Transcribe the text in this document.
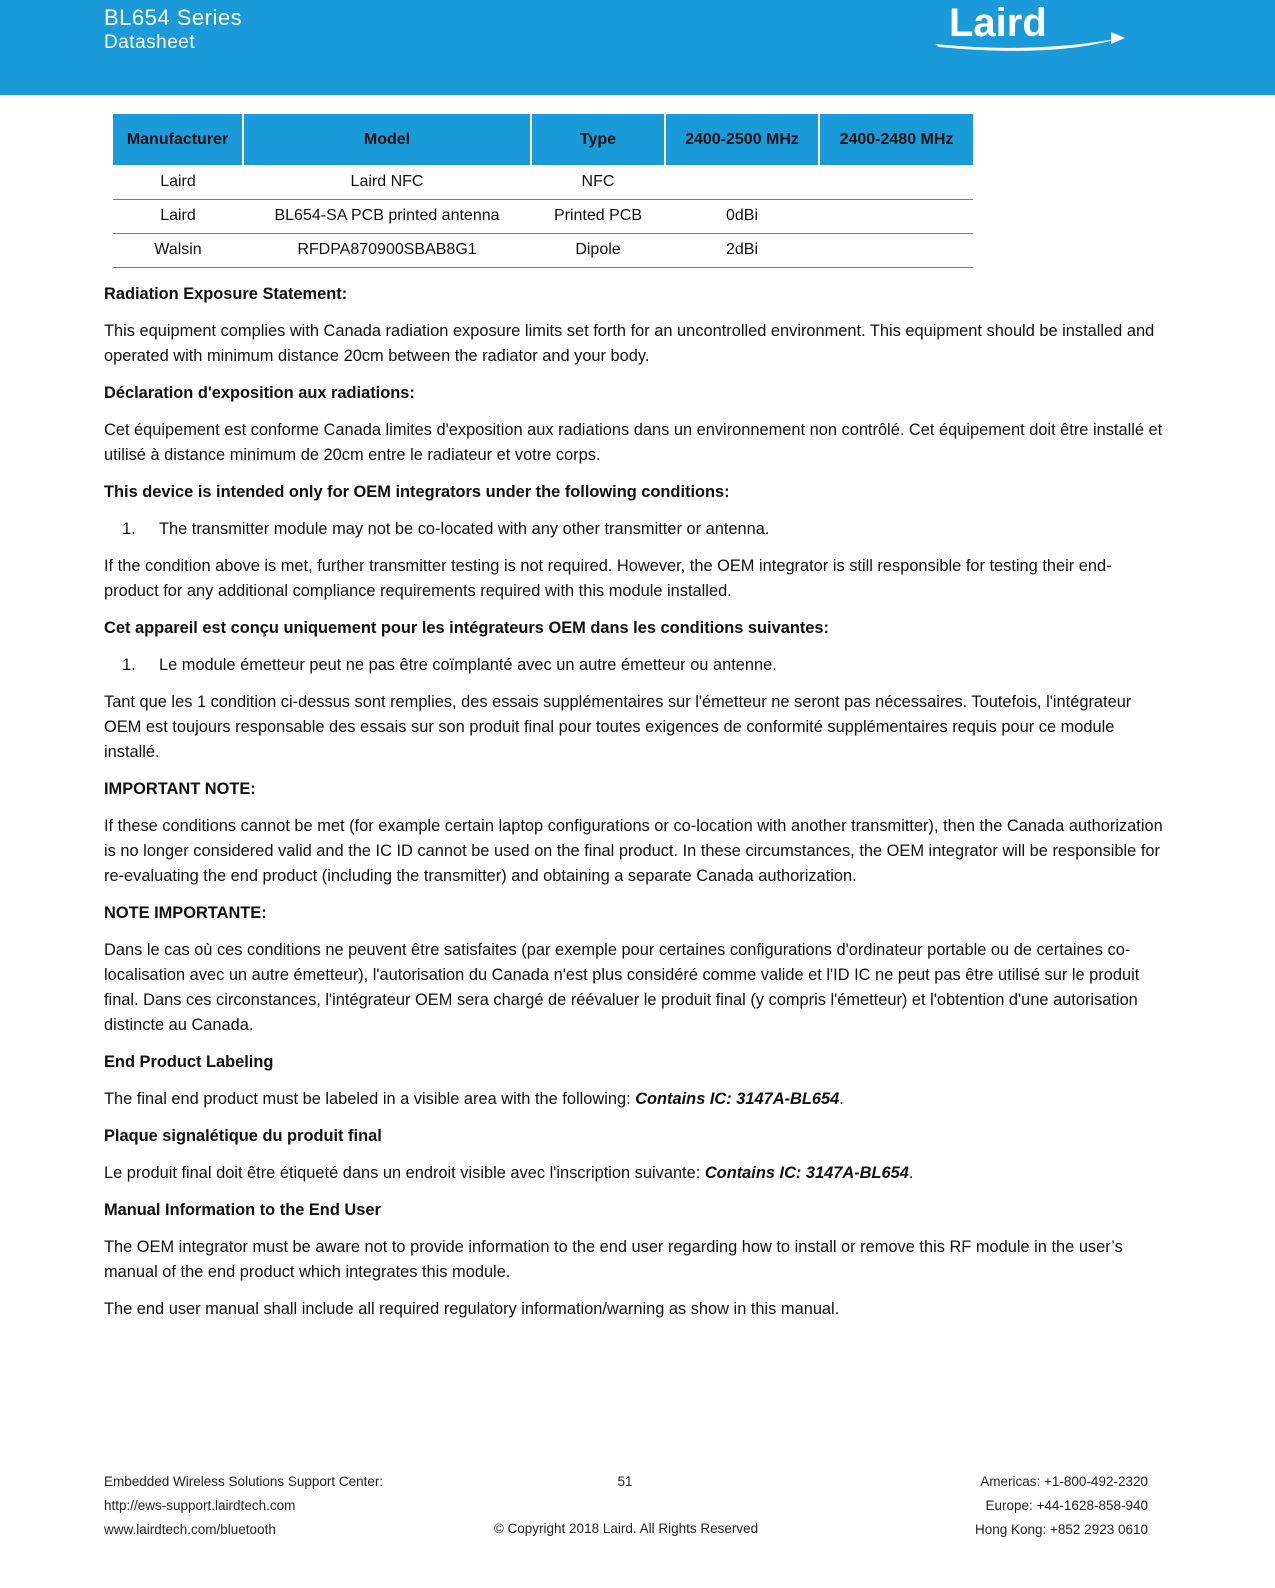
BL654 Series
Datasheet	Laird
Manufacturer	Model	Type	2400-2500 MHz	2400-2480 MHz
Laird	Laird NFC	NFC		
Laird	BL654-SA PCB printed antenna	Printed PCB	0dBi	
Walsin	RFDPA870900SBAB8G1	Dipole	2dBi	

Radiation Exposure Statement:

This equipment complies with Canada radiation exposure limits set forth for an uncontrolled environment. This equipment should be installed and operated with minimum distance 20cm between the radiator and your body.

Déclaration d'exposition aux radiations:

Cet équipement est conforme Canada limites d'exposition aux radiations dans un environnement non contrôlé. Cet équipement doit être installé et utilisé à distance minimum de 20cm entre le radiateur et votre corps.

This device is intended only for OEM integrators under the following conditions:

1. The transmitter module may not be co-located with any other transmitter or antenna.

If the condition above is met, further transmitter testing is not required. However, the OEM integrator is still responsible for testing their end-product for any additional compliance requirements required with this module installed.

Cet appareil est conçu uniquement pour les intégrateurs OEM dans les conditions suivantes:

1. Le module émetteur peut ne pas être coïmplanté avec un autre émetteur ou antenne.

Tant que les 1 condition ci-dessus sont remplies, des essais supplémentaires sur l'émetteur ne seront pas nécessaires. Toutefois, l'intégrateur OEM est toujours responsable des essais sur son produit final pour toutes exigences de conformité supplémentaires requis pour ce module installé.

IMPORTANT NOTE:

If these conditions cannot be met (for example certain laptop configurations or co-location with another transmitter), then the Canada authorization is no longer considered valid and the IC ID cannot be used on the final product. In these circumstances, the OEM integrator will be responsible for re-evaluating the end product (including the transmitter) and obtaining a separate Canada authorization.

NOTE IMPORTANTE:

Dans le cas où ces conditions ne peuvent être satisfaites (par exemple pour certaines configurations d'ordinateur portable ou de certaines co-localisation avec un autre émetteur), l'autorisation du Canada n'est plus considéré comme valide et l'ID IC ne peut pas être utilisé sur le produit final. Dans ces circonstances, l'intégrateur OEM sera chargé de réévaluer le produit final (y compris l'émetteur) et l'obtention d'une autorisation distincte au Canada.

End Product Labeling

The final end product must be labeled in a visible area with the following: Contains IC: 3147A-BL654.

Plaque signalétique du produit final

Le produit final doit être étiqueté dans un endroit visible avec l'inscription suivante: Contains IC: 3147A-BL654.

Manual Information to the End User

The OEM integrator must be aware not to provide information to the end user regarding how to install or remove this RF module in the user’s manual of the end product which integrates this module.

The end user manual shall include all required regulatory information/warning as show in this manual.

Embedded Wireless Solutions Support Center:
http://ews-support.lairdtech.com
www.lairdtech.com/bluetooth
51
© Copyright 2018 Laird. All Rights Reserved
Americas: +1-800-492-2320
Europe: +44-1628-858-940
Hong Kong: +852 2923 0610
